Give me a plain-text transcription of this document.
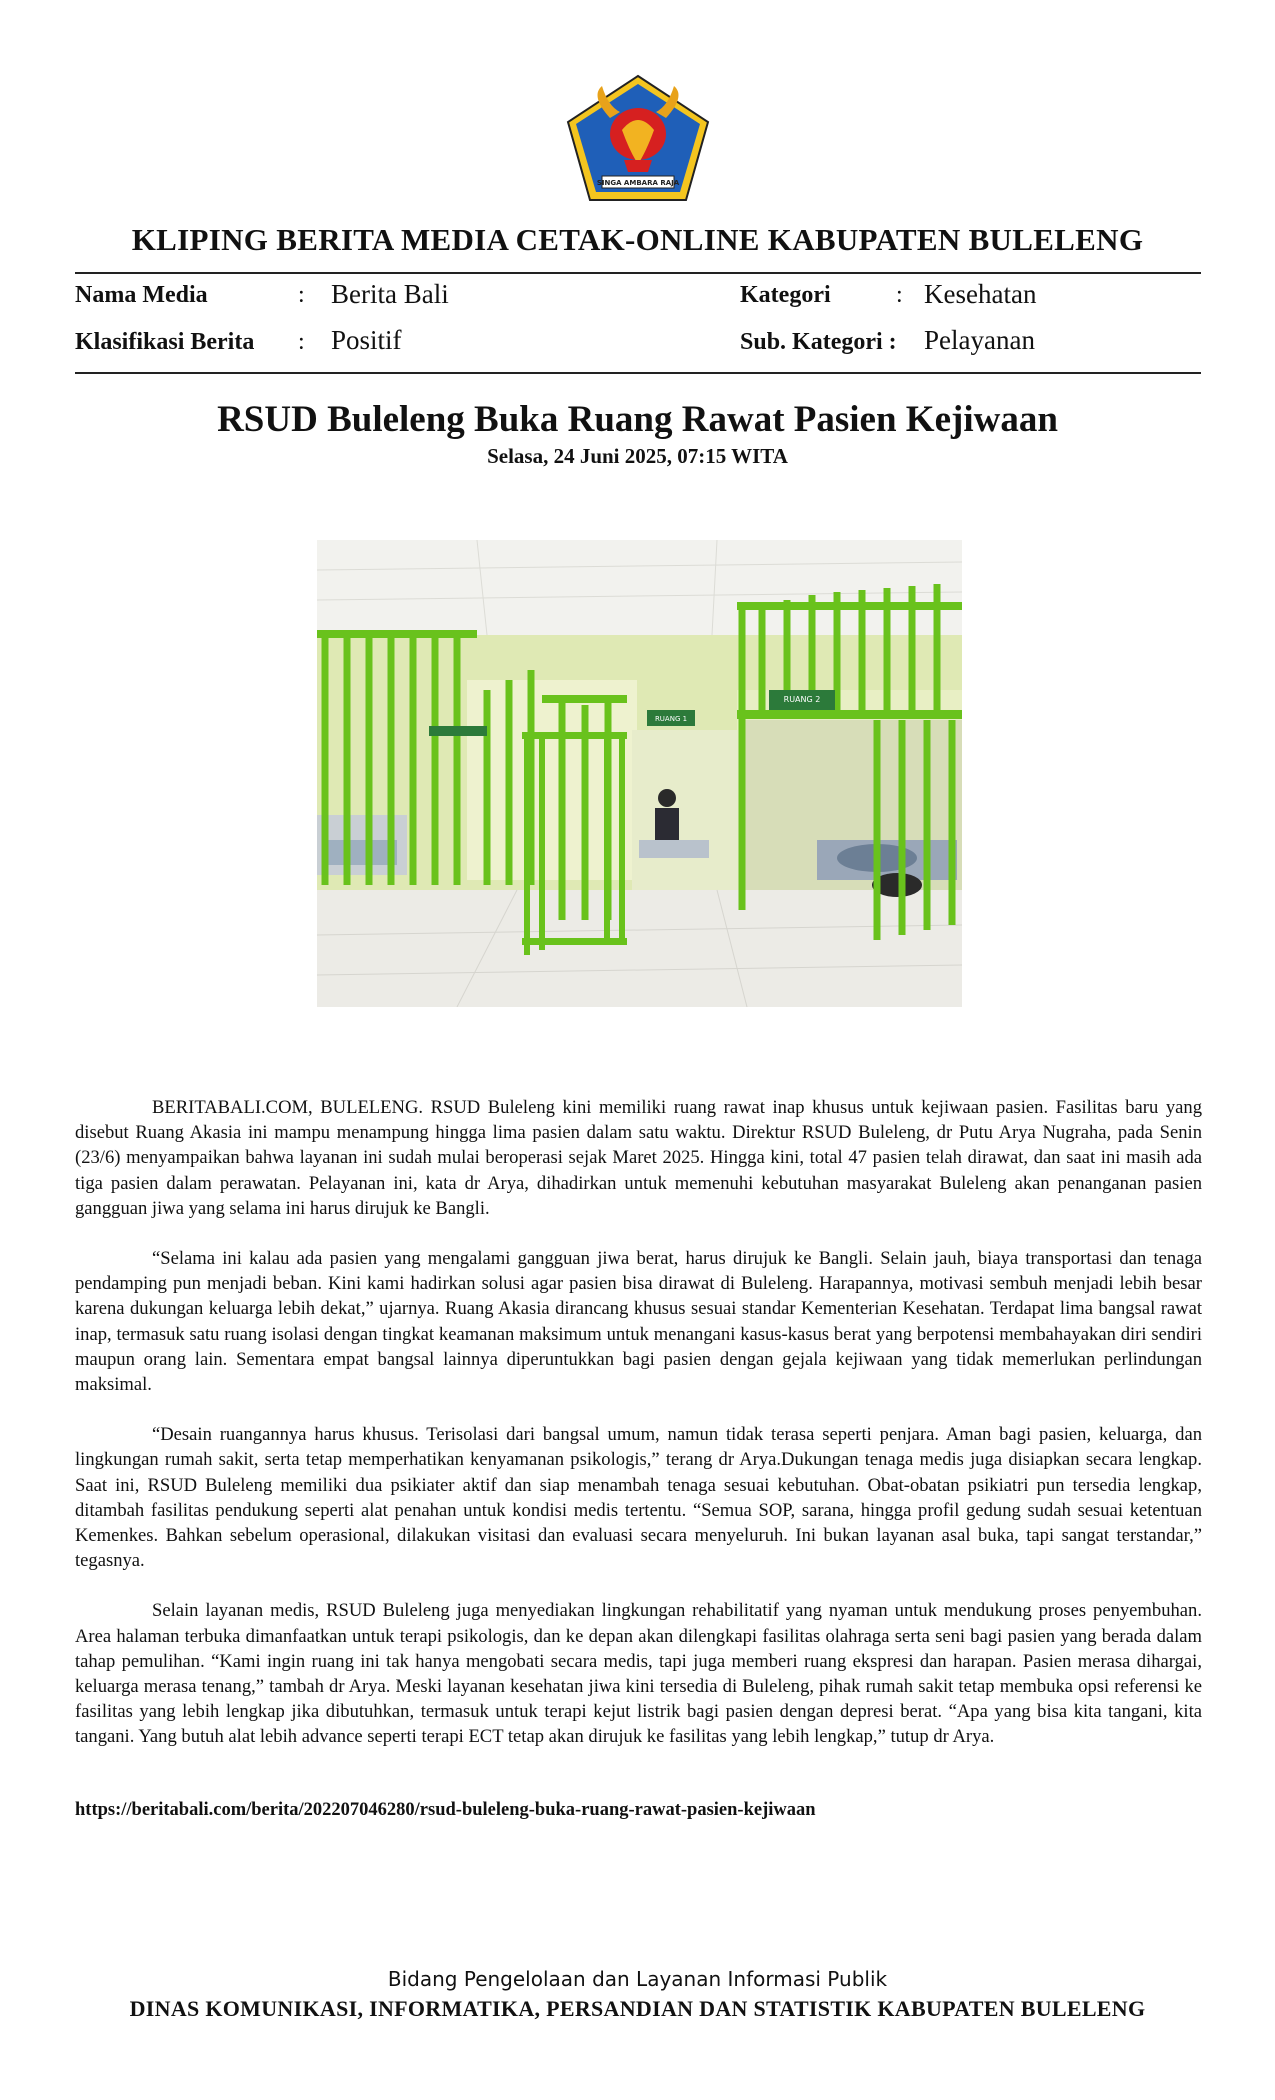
SINGA AMBARA RAJA
KLIPING BERITA MEDIA CETAK-ONLINE KABUPATEN BULELENG
Nama Media	: Berita Bali	Kategori	: Kesehatan
Klasifikasi Berita : Positif	Sub. Kategori : Pelayanan
RSUD Buleleng Buka Ruang Rawat Pasien Kejiwaan
Selasa, 24 Juni 2025, 07:15 WITA
RUANG 1
RUANG 2

BERITABALI.COM, BULELENG. RSUD Buleleng kini memiliki ruang rawat inap khusus untuk kejiwaan pasien. Fasilitas baru yang disebut Ruang Akasia ini mampu menampung hingga lima pasien dalam satu waktu. Direktur RSUD Buleleng, dr Putu Arya Nugraha, pada Senin (23/6) menyampaikan bahwa layanan ini sudah mulai beroperasi sejak Maret 2025. Hingga kini, total 47 pasien telah dirawat, dan saat ini masih ada tiga pasien dalam perawatan. Pelayanan ini, kata dr Arya, dihadirkan untuk memenuhi kebutuhan masyarakat Buleleng akan penanganan pasien gangguan jiwa yang selama ini harus dirujuk ke Bangli.

“Selama ini kalau ada pasien yang mengalami gangguan jiwa berat, harus dirujuk ke Bangli. Selain jauh, biaya transportasi dan tenaga pendamping pun menjadi beban. Kini kami hadirkan solusi agar pasien bisa dirawat di Buleleng. Harapannya, motivasi sembuh menjadi lebih besar karena dukungan keluarga lebih dekat,” ujarnya. Ruang Akasia dirancang khusus sesuai standar Kementerian Kesehatan. Terdapat lima bangsal rawat inap, termasuk satu ruang isolasi dengan tingkat keamanan maksimum untuk menangani kasus-kasus berat yang berpotensi membahayakan diri sendiri maupun orang lain. Sementara empat bangsal lainnya diperuntukkan bagi pasien dengan gejala kejiwaan yang tidak memerlukan perlindungan maksimal.

“Desain ruangannya harus khusus. Terisolasi dari bangsal umum, namun tidak terasa seperti penjara. Aman bagi pasien, keluarga, dan lingkungan rumah sakit, serta tetap memperhatikan kenyamanan psikologis,” terang dr Arya.Dukungan tenaga medis juga disiapkan secara lengkap. Saat ini, RSUD Buleleng memiliki dua psikiater aktif dan siap menambah tenaga sesuai kebutuhan. Obat-obatan psikiatri pun tersedia lengkap, ditambah fasilitas pendukung seperti alat penahan untuk kondisi medis tertentu. “Semua SOP, sarana, hingga profil gedung sudah sesuai ketentuan Kemenkes. Bahkan sebelum operasional, dilakukan visitasi dan evaluasi secara menyeluruh. Ini bukan layanan asal buka, tapi sangat terstandar,” tegasnya.

Selain layanan medis, RSUD Buleleng juga menyediakan lingkungan rehabilitatif yang nyaman untuk mendukung proses penyembuhan. Area halaman terbuka dimanfaatkan untuk terapi psikologis, dan ke depan akan dilengkapi fasilitas olahraga serta seni bagi pasien yang berada dalam tahap pemulihan. “Kami ingin ruang ini tak hanya mengobati secara medis, tapi juga memberi ruang ekspresi dan harapan. Pasien merasa dihargai, keluarga merasa tenang,” tambah dr Arya. Meski layanan kesehatan jiwa kini tersedia di Buleleng, pihak rumah sakit tetap membuka opsi referensi ke fasilitas yang lebih lengkap jika dibutuhkan, termasuk untuk terapi kejut listrik bagi pasien dengan depresi berat. “Apa yang bisa kita tangani, kita tangani. Yang butuh alat lebih advance seperti terapi ECT tetap akan dirujuk ke fasilitas yang lebih lengkap,” tutup dr Arya.

https://beritabali.com/berita/202207046280/rsud-buleleng-buka-ruang-rawat-pasien-kejiwaan
Bidang Pengelolaan dan Layanan Informasi Publik
DINAS KOMUNIKASI, INFORMATIKA, PERSANDIAN DAN STATISTIK KABUPATEN BULELENG
